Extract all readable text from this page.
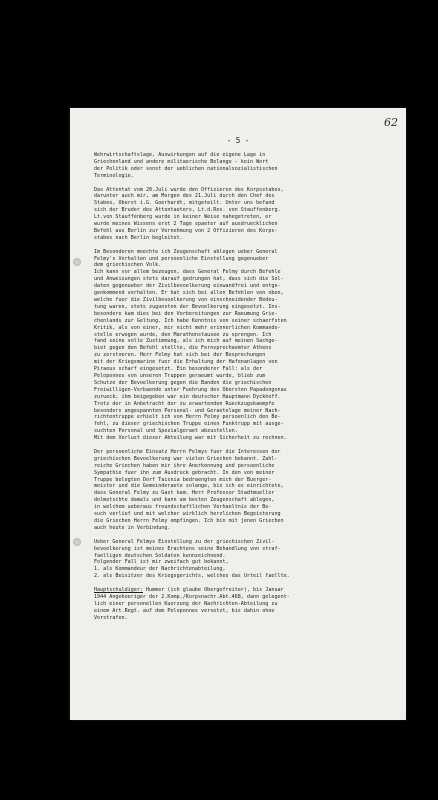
62
- 5 -
Wehrwirtschaftslage, Auswirkungen auf die eigene Lage in
Griechenland und andere militaerische Belange - kein Wort
der Politik oder sonst der ueblichen nationalsozialistischen
Terminologie.
Das Attentat vom 20.Juli wurde den Offizieren des Korpsstabes,
darunter auch mir, am Morgen des 21.Juli durch den Chef des
Stabes, Oberst i.G. Goerhardt, mitgeteilt. Unter uns befand
sich der Bruder des Attentaeters, Lt.d.Res. von Stauffenberg.
Lt.von Stauffenberg wurde in keiner Weise nahegetreten, er
wurde meines Wissens erst 2 Tage spaeter auf ausdruecklichen
Befehl aus Berlin zur Vernehmung von 2 Offizieren des Korps-
stabes nach Berlin begleitet.
Im Besonderen moechte ich Zeugenschaft ablegen ueber General
Felmy's Verhalten und persoenliche Einstellung gegenueber
dem griechischen Volk.
Ich kann vor allem bezeugen, dass General Felmy durch Befehle
und Anweisungen stets darauf gedrungen hat, dass sich die Sol-
daten gegenueber der Zivilbevoelkerung einwandfrei und entge-
genkommend verhalten. Er hat sich bei allen Befehlen von oben,
welche fuer die Zivilbevoelkerung von einschneidender Bedeu-
tung waren, stets zugunsten der Bevoelkerung eingesetzt. Ins-
besondere kam dies bei den Vorbereitungen zur Raeumung Grie-
chenlands zur Geltung. Ich habe Kenntnis von seiner schaerfsten
Kritik, als von einer, mir nicht mehr erinnerlichen Kommando-
stelle erwogen wurde, den Marathonstausee zu sprengen. Ich
fand seine volle Zustimmung, als ich mich auf meinen Sachge-
biet gegen den Befehl stellte, die Fernsprechaemter Athens
zu zerstoeren. Herr Felmy hat sich bei der Besprechungen
mit der Kriegsmarine fuer die Erhaltung der Hafenanlagen von
Piraeus scharf eingesetzt. Ein besonderer Fall: als der
Peloponnes von unseren Truppen geraeumt wurde, blieb zum
Schutze der Bevoelkerung gegen die Banden die griechischen
Freiwilligen-Verbaende unter Fuehrung des Obersten Papadongonas
zurueck; ihm beigegeben war ein deutscher Hauptmann Dyckhoff.
Trotz der in Anbetracht der zu erwartenden Rueckzugskaempfe
besonders angespannten Personal- und Geraetelage meiner Nach-
richtentruppe erhielt ich von Herrn Felmy persoenlich den Be-
fehl, zu dieser griechischen Truppe einen Funktrupp mit ausge-
suchten Personal und Spezialgeraet abzustellen.
Mit dem Verlust dieser Abteilung war mit Sicherheit zu rechnen.
Der persoenliche Einsatz Herrn Felmys fuer die Interessen der
griechischen Bevoelkerung war vielen Griechen bekannt. Zahl-
reiche Griechen haben mir ihre Anerkennung und persoenliche
Sympathie fuer ihn zum Ausdruck gebracht. In den von meiner
Truppe belegten Dorf Taisnia bedraengten mich der Buerger-
meister und die Gemeinderaete solange, bis ich es einrichtete,
dass General Felmy zu Gast kam. Herr Professor Stadtmueller
dolmetschte damals und kann am besten Zeugenschaft ablegen,
in welchem ueberaus freundschaftlichen Verhaeltnis der Be-
such verlief und mit welcher wirklich herzlichen Begeisterung
die Griechen Herrn Felmy empfingen. Ich bin mit jenen Griechen
auch heute in Verbindung.
Ueber General Felmys Einstellung zu der griechischen Zivil-
bevoelkerung ist meines Erachtens seine Behandlung von straf-
faelligen deutschen Soldaten kennzeichnend.
Folgender Fall ist mir zweifach gut bekannt,
1. als Kommandeur der Nachrichtenabteilung,
2. als Beisitzer des Kriegsgerichts, welches das Urteil faellte.
Hauptschuldiger: Hummer (ich glaube Obergefreiter), bis Januar
1944 Angehoeriger der 2.Komp./Korpsnachr.Abt.468, dann gelegent-
lich einer personellen Kuerzung der Nachrichten-Abteilung zu
einem Art.Regt. auf dem Peloponnes versetzt, bis dahin ohne
Vorstrafen.
